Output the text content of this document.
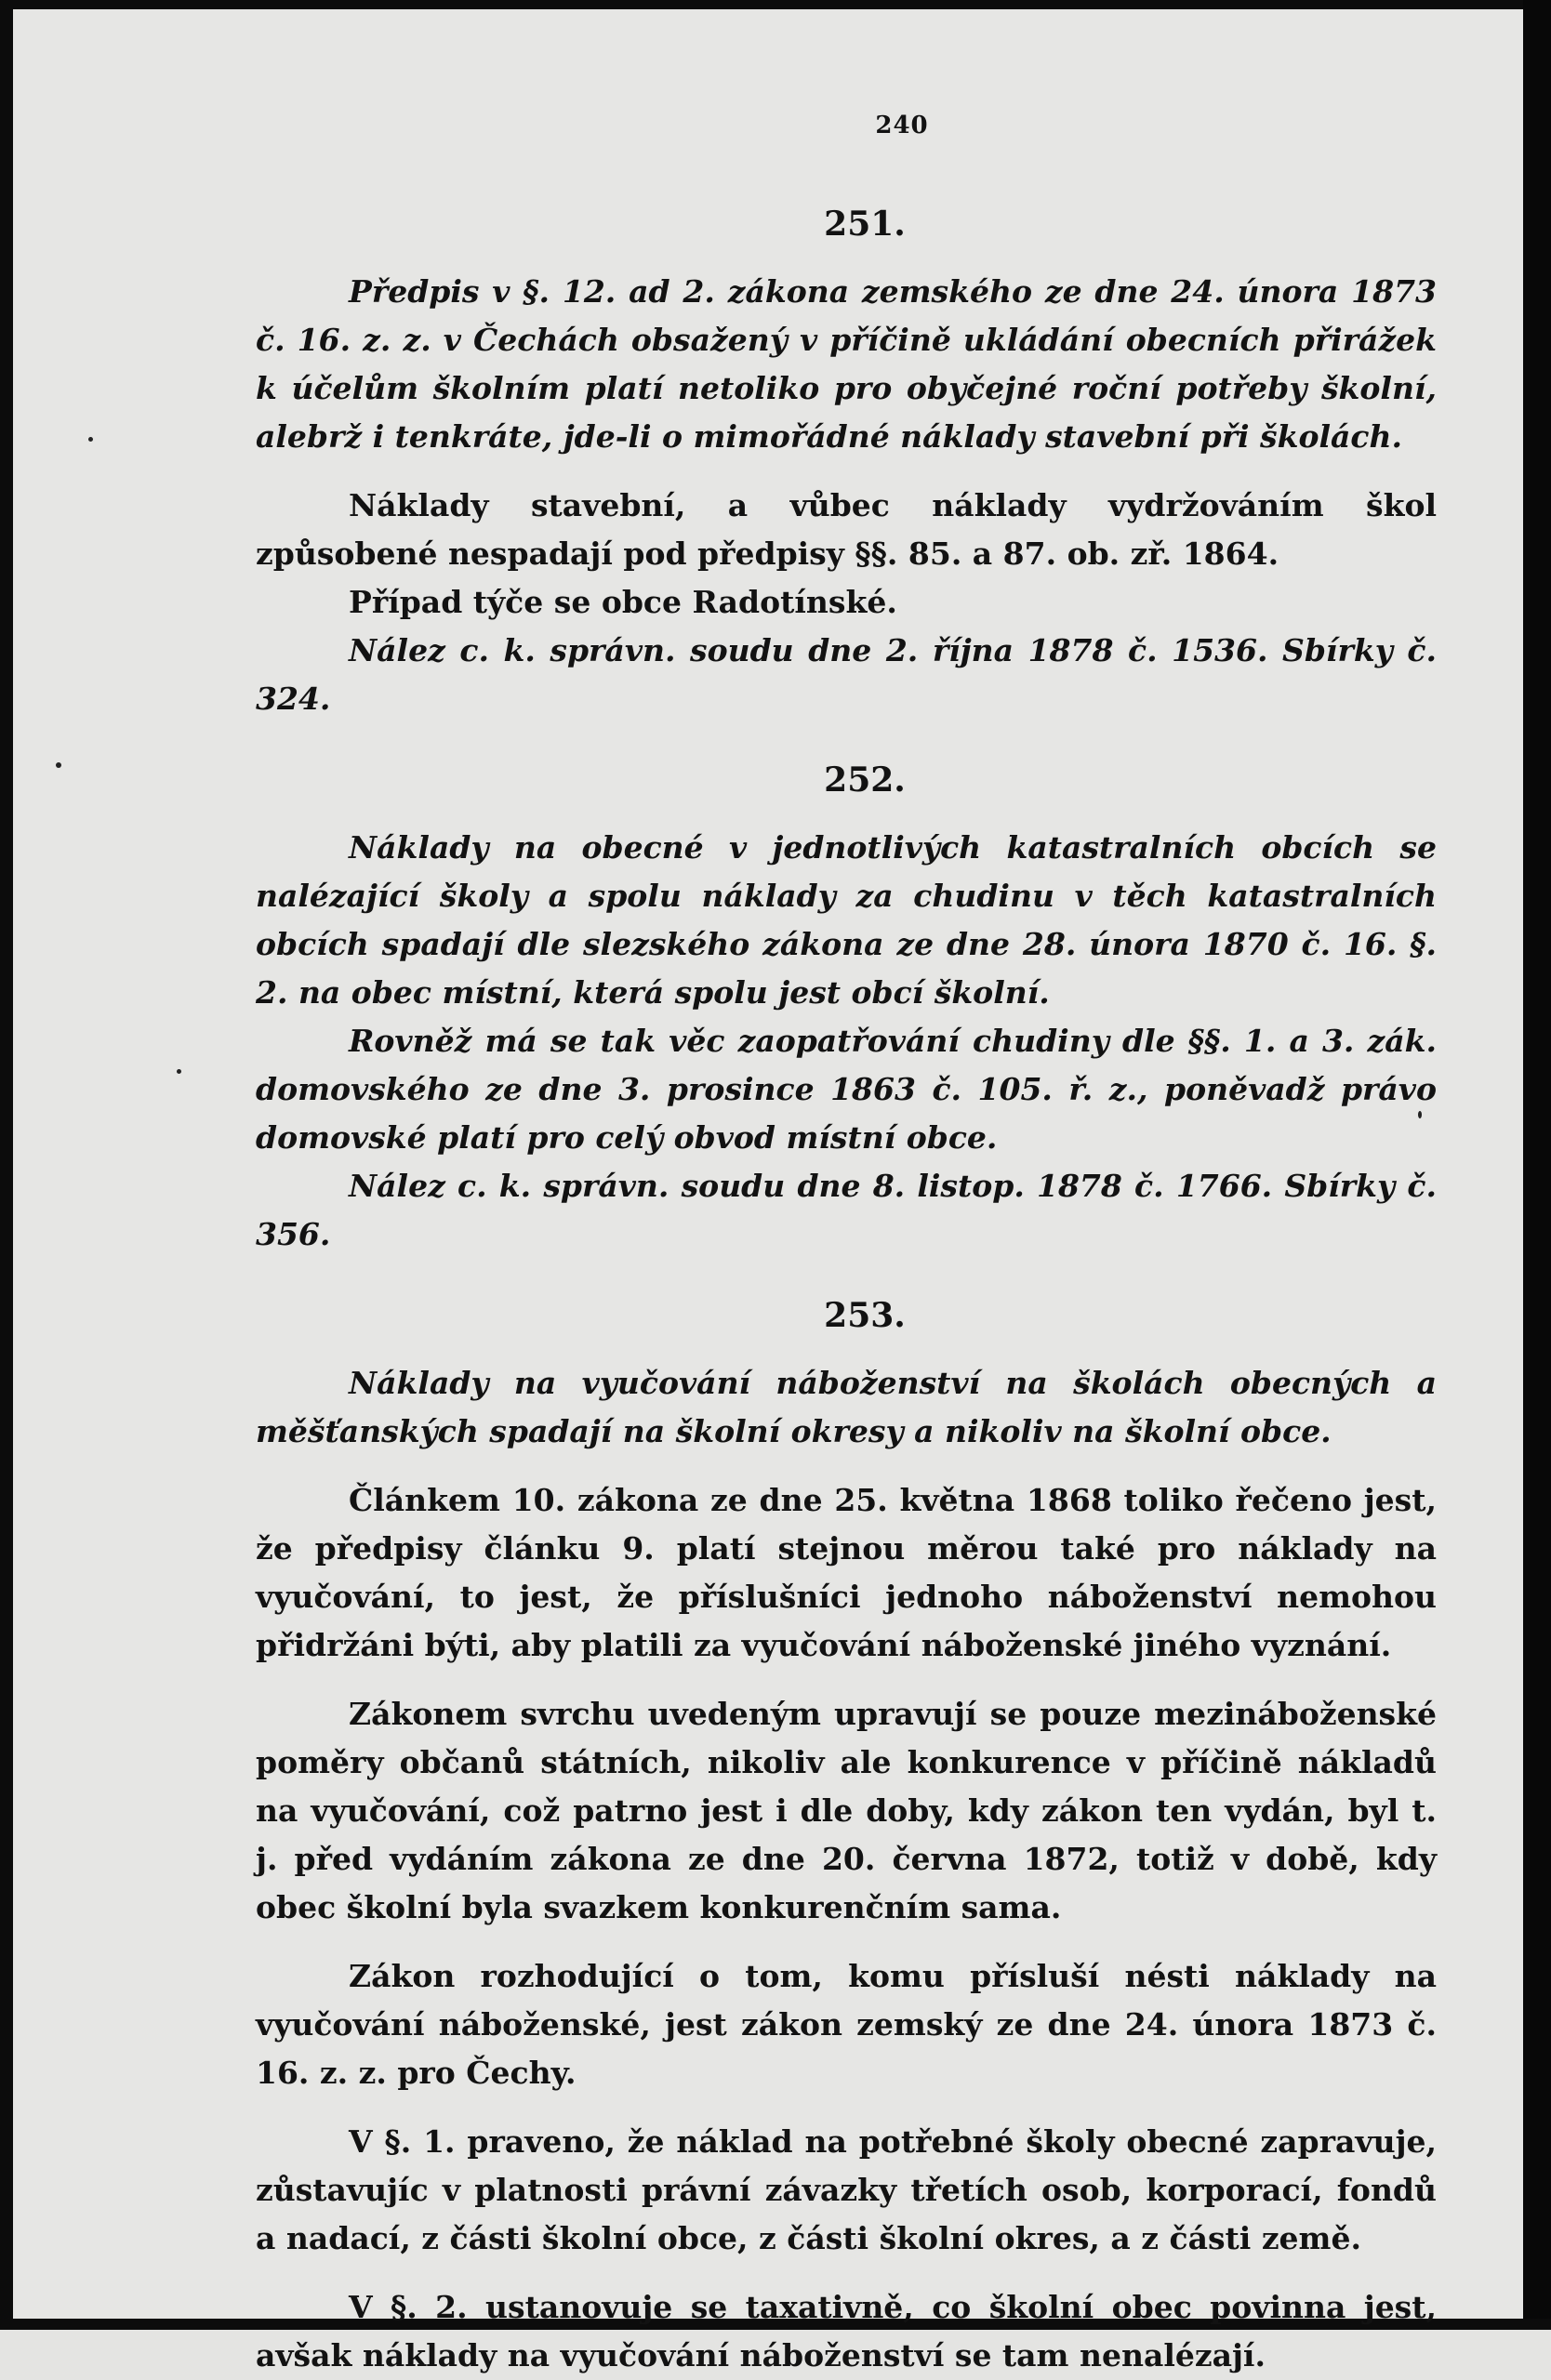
240
251.

Předpis v §. 12. ad 2. zákona zemského ze dne 24. února 1873 č. 16. z. z. v Čechách obsažený v příčině ukládání obecních přirážek k účelům školním platí netoliko pro obyčejné roční potřeby školní, alebrž i tenkráte, jde-li o mimořádné náklady stavební při školách.

Náklady stavební, a vůbec náklady vydržováním škol způsobené nespadají pod předpisy §§. 85. a 87. ob. zř. 1864.

Případ týče se obce Radotínské.

Nález c. k. správn. soudu dne 2. října 1878 č. 1536. Sbírky č. 324.

252.

Náklady na obecné v jednotlivých katastralních obcích se nalézající školy a spolu náklady za chudinu v těch katastralních obcích spadají dle slezského zákona ze dne 28. února 1870 č. 16. §. 2. na obec místní, která spolu jest obcí školní.

Rovněž má se tak věc zaopatřování chudiny dle §§. 1. a 3. zák. domovského ze dne 3. prosince 1863 č. 105. ř. z., poněvadž právo domovské platí pro celý obvod místní obce.

Nález c. k. správn. soudu dne 8. listop. 1878 č. 1766. Sbírky č. 356.

253.

Náklady na vyučování náboženství na školách obecných a měšťanských spadají na školní okresy a nikoliv na školní obce.

Článkem 10. zákona ze dne 25. května 1868 toliko řečeno jest, že předpisy článku 9. platí stejnou měrou také pro náklady na vyučování, to jest, že příslušníci jednoho náboženství nemohou přidržáni býti, aby platili za vyučování náboženské jiného vyznání.

Zákonem svrchu uvedeným upravují se pouze mezináboženské poměry občanů státních, nikoliv ale konkurence v příčině nákladů na vyučování, což patrno jest i dle doby, kdy zákon ten vydán, byl t. j. před vydáním zákona ze dne 20. června 1872, totiž v době, kdy obec školní byla svazkem konkurenčním sama.

Zákon rozhodující o tom, komu přísluší nésti náklady na vyučování náboženské, jest zákon zemský ze dne 24. února 1873 č. 16. z. z. pro Čechy.

V §. 1. praveno, že náklad na potřebné školy obecné zapravuje, zůstavujíc v platnosti právní závazky třetích osob, korporací, fondů a nadací, z části školní obce, z části školní okres, a z části země.

V §. 2. ustanovuje se taxativně, co školní obec povinna jest, avšak náklady na vyučování náboženství se tam nenalézají.
